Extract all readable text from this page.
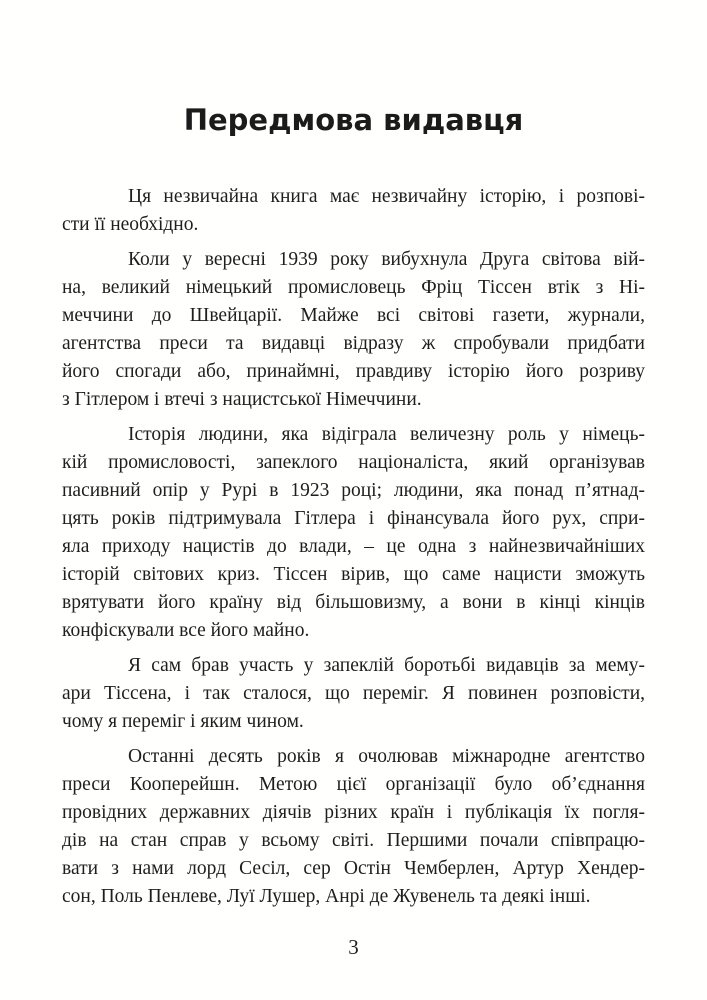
Передмова видавця
Ця незвичайна книга має незвичайну історію, і розпові-
сти її необхідно.
Коли у вересні 1939 року вибухнула Друга світова вій-
на, великий німецький промисловець Фріц Тіссен втік з Ні-
меччини до Швейцарії. Майже всі світові газети, журнали,
агентства преси та видавці відразу ж спробували придбати
його спогади або, принаймні, правдиву історію його розриву
з Гітлером і втечі з нацистської Німеччини.
Історія людини, яка відіграла величезну роль у німець-
кій промисловості, запеклого націоналіста, який організував
пасивний опір у Рурі в 1923 році; людини, яка понад п’ятнад-
цять років підтримувала Гітлера і фінансувала його рух, спри-
яла приходу нацистів до влади, – це одна з найнезвичайніших
історій світових криз. Тіссен вірив, що саме нацисти зможуть
врятувати його країну від більшовизму, а вони в кінці кінців
конфіскували все його майно.
Я сам брав участь у запеклій боротьбі видавців за мему-
ари Тіссена, і так сталося, що переміг. Я повинен розповісти,
чому я переміг і яким чином.
Останні десять років я очолював міжнародне агентство
преси Кооперейшн. Метою цієї організації було об’єднання
провідних державних діячів різних країн і публікація їх погля-
дів на стан справ у всьому світі. Першими почали співпрацю-
вати з нами лорд Сесіл, сер Остін Чемберлен, Артур Хендер-
сон, Поль Пенлеве, Луї Лушер, Анрі де Жувенель та деякі інші.
3
